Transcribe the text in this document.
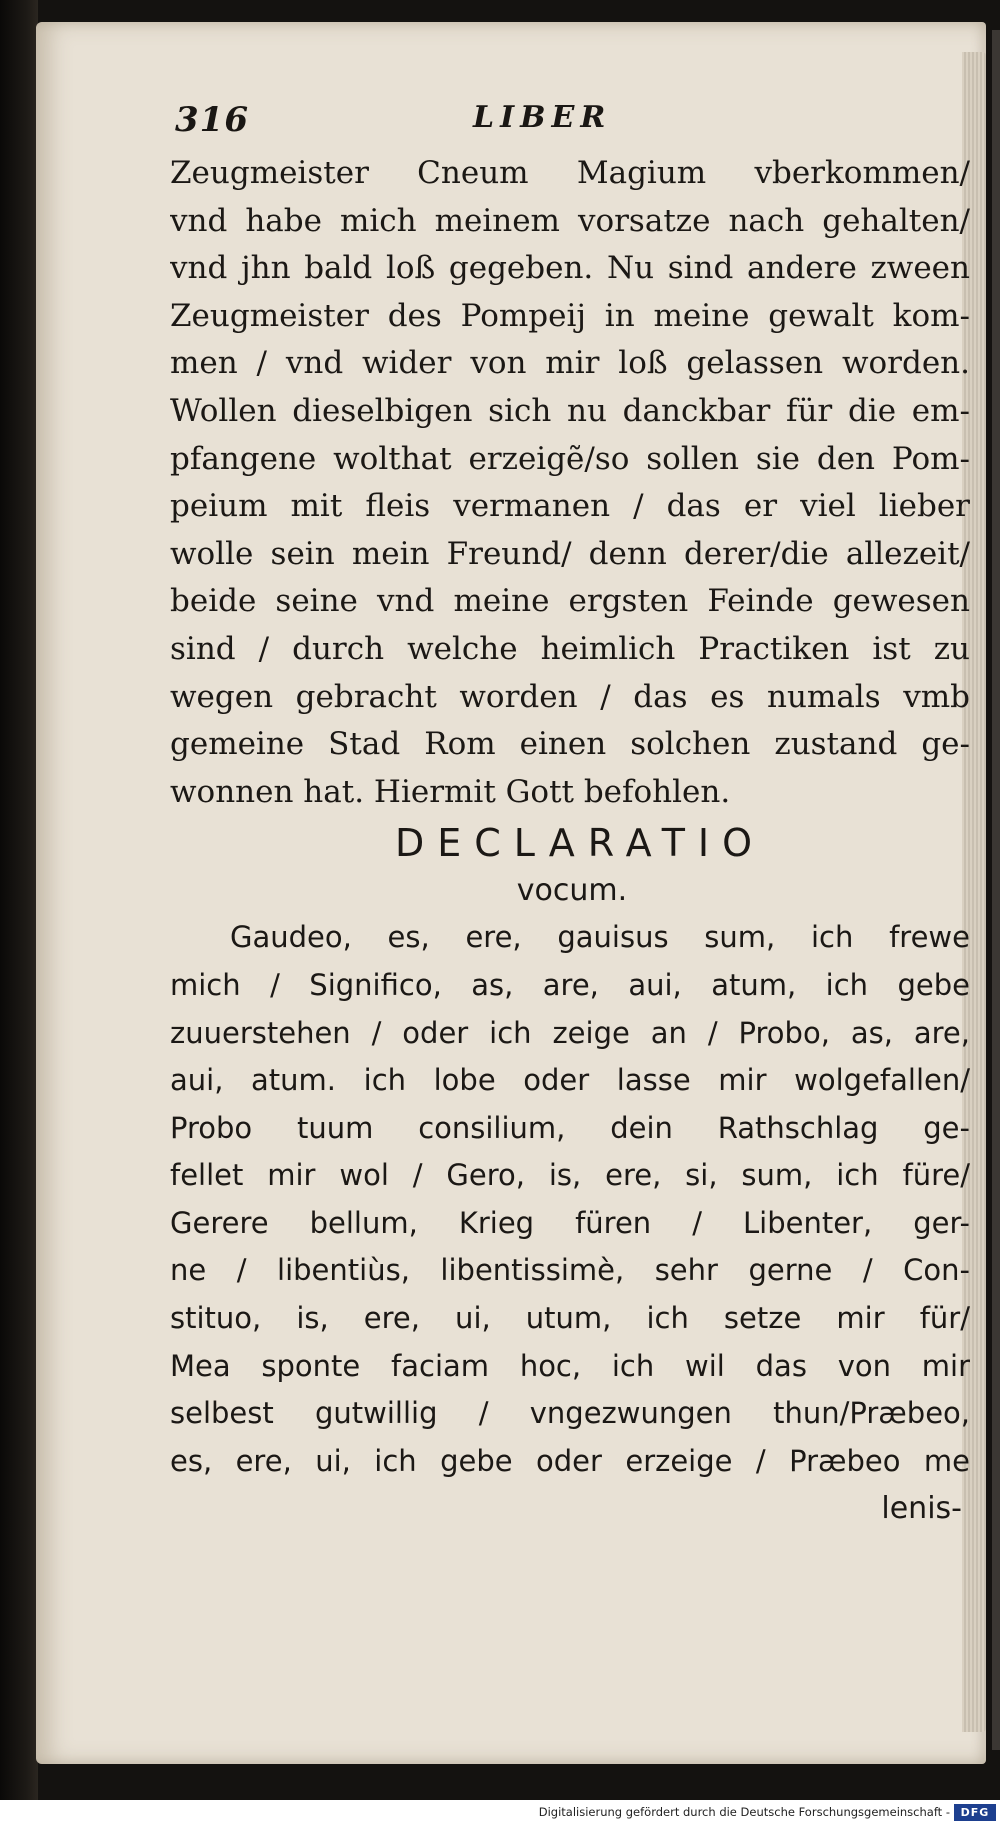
316	LIBER
Zeugmeister Cneum Magium vberkommen/
vnd habe mich meinem vorsatze nach gehalten/
vnd jhn bald loß gegeben. Nu sind andere zween
Zeugmeister des Pompeij in meine gewalt kom-
men / vnd wider von mir loß gelassen worden.
Wollen dieselbigen sich nu danckbar für die em-
pfangene wolthat erzeigẽ/so sollen sie den Pom-
peium mit fleis vermanen / das er viel lieber
wolle sein mein Freund/ denn derer/die allezeit/
beide seine vnd meine ergsten Feinde gewesen
sind / durch welche heimlich Practiken ist zu
wegen gebracht worden / das es numals vmb
gemeine Stad Rom einen solchen zustand ge-
wonnen hat. Hiermit Gott befohlen.
DECLARATIO
vocum.
Gaudeo, es, ere, gauisus sum, ich frewe
mich / Significo, as, are, aui, atum, ich gebe
zuuerstehen / oder ich zeige an / Probo, as, are,
aui, atum. ich lobe oder lasse mir wolgefallen/
Probo tuum consilium, dein Rathschlag ge-
fellet mir wol / Gero, is, ere, si, sum, ich füre/
Gerere bellum, Krieg füren / Libenter, ger-
ne / libentiùs, libentissimè, sehr gerne / Con-
stituo, is, ere, ui, utum, ich setze mir für/
Mea sponte faciam hoc, ich wil das von mir
selbest gutwillig / vngezwungen thun/Præbeo,
es, ere, ui, ich gebe oder erzeige / Præbeo me
lenis-
Digitalisierung gefördert durch die Deutsche Forschungsgemeinschaft - DFG
